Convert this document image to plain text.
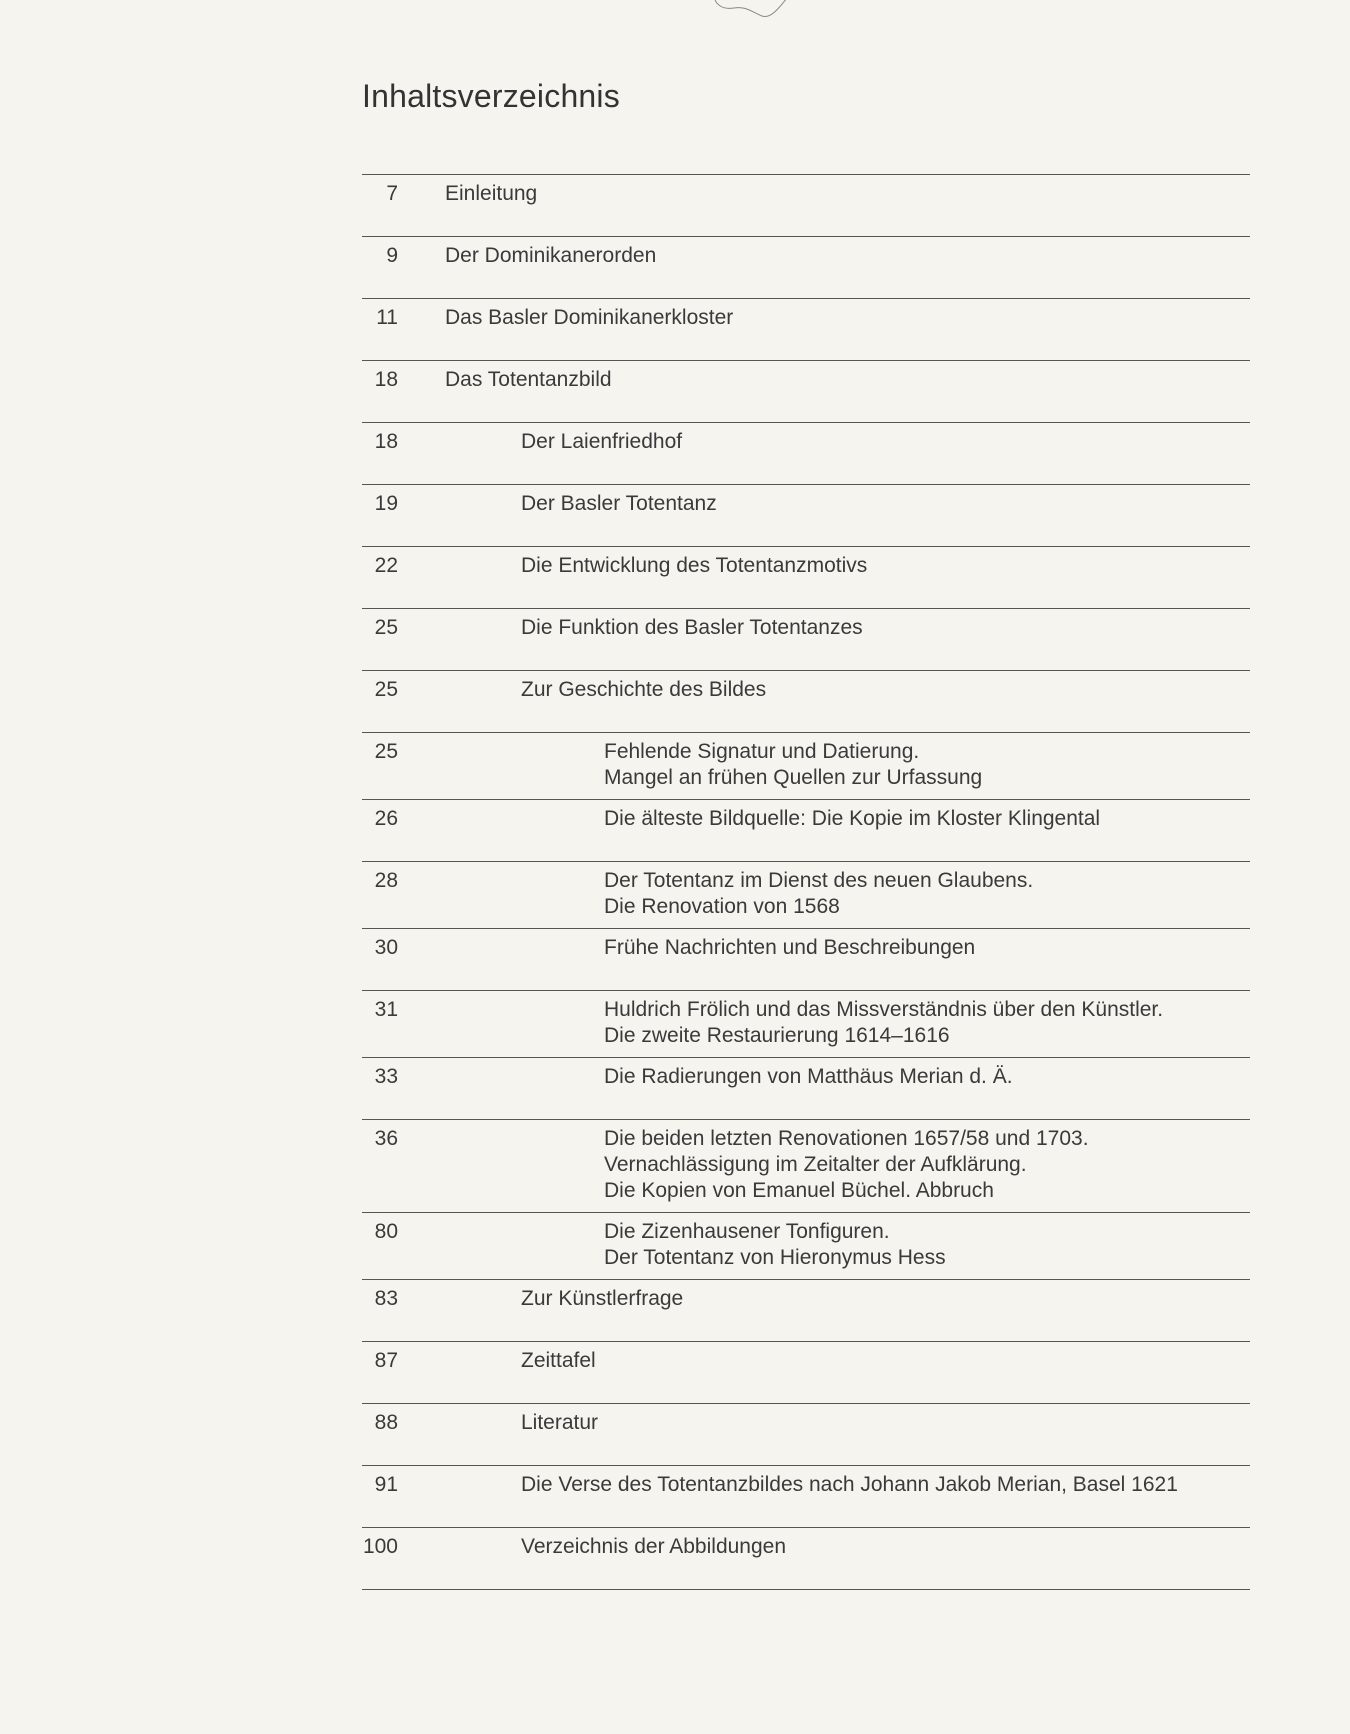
Inhaltsverzeichnis
7 Einleitung
9 Der Dominikanerorden
11 Das Basler Dominikanerkloster
18 Das Totentanzbild
18	Der Laienfriedhof
19	Der Basler Totentanz
22	Die Entwicklung des Totentanzmotivs
25	Die Funktion des Basler Totentanzes
25	Zur Geschichte des Bildes
25	Fehlende Signatur und Datierung.
Mangel an frühen Quellen zur Urfassung
26	Die älteste Bildquelle: Die Kopie im Kloster Klingental
28	Der Totentanz im Dienst des neuen Glaubens.
Die Renovation von 1568
30	Frühe Nachrichten und Beschreibungen
31	Huldrich Frölich und das Missverständnis über den Künstler.
Die zweite Restaurierung 1614–1616
33	Die Radierungen von Matthäus Merian d. Ä.
36	Die beiden letzten Renovationen 1657/58 und 1703.
Vernachlässigung im Zeitalter der Aufklärung.
Die Kopien von Emanuel Büchel. Abbruch
80	Die Zizenhausener Tonfiguren.
Der Totentanz von Hieronymus Hess
83	Zur Künstlerfrage
87	Zeittafel
88	Literatur
91	Die Verse des Totentanzbildes nach Johann Jakob Merian, Basel 1621
100	Verzeichnis der Abbildungen
